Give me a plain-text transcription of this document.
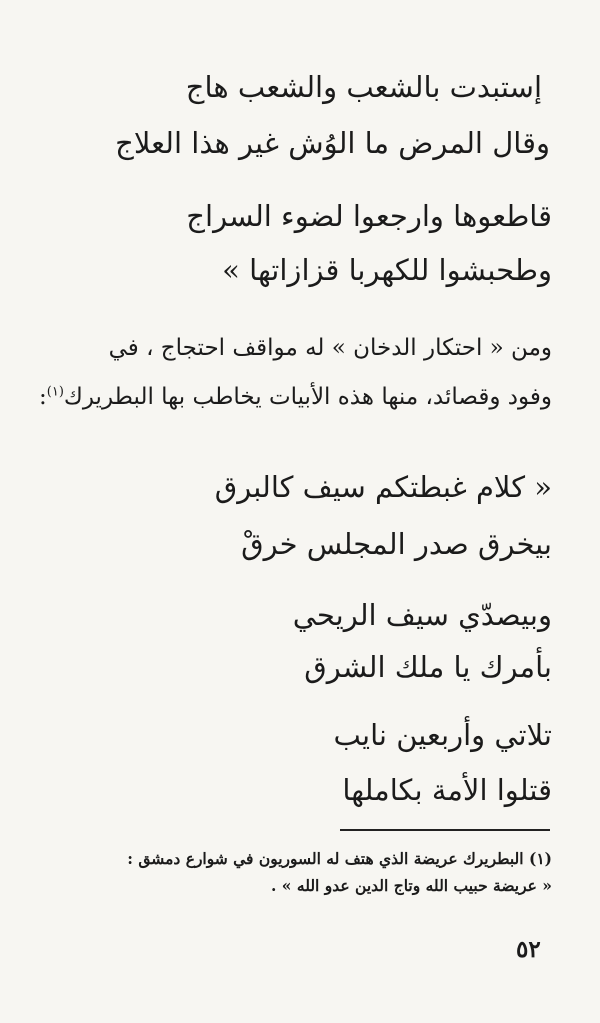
إستبدت بالشعب والشعب هاج
وقال المرض ما الوُش غير هذا العلاج
قاطعوها وارجعوا لضوء السراج
وطحبشوا للكهربا قزازاتها »
ومن « احتكار الدخان » له مواقف احتجاج ، في
وفود وقصائد، منها هذه الأبيات يخاطب بها البطريرك$^{(١)}$:
« كلام غبطتكم سيف كالبرق
بيخرق صدر المجلس خرقْ
وبيصدّي سيف الريحي
بأمرك يا ملك الشرق
تلاتي وأربعين نايب
قتلوا الأمة بكاملها
(١) البطريرك عريضة الذي هتف له السوريون في شوارع دمشق :
« عريضة حبيب الله وتاج الدين عدو الله » .
٥٢
